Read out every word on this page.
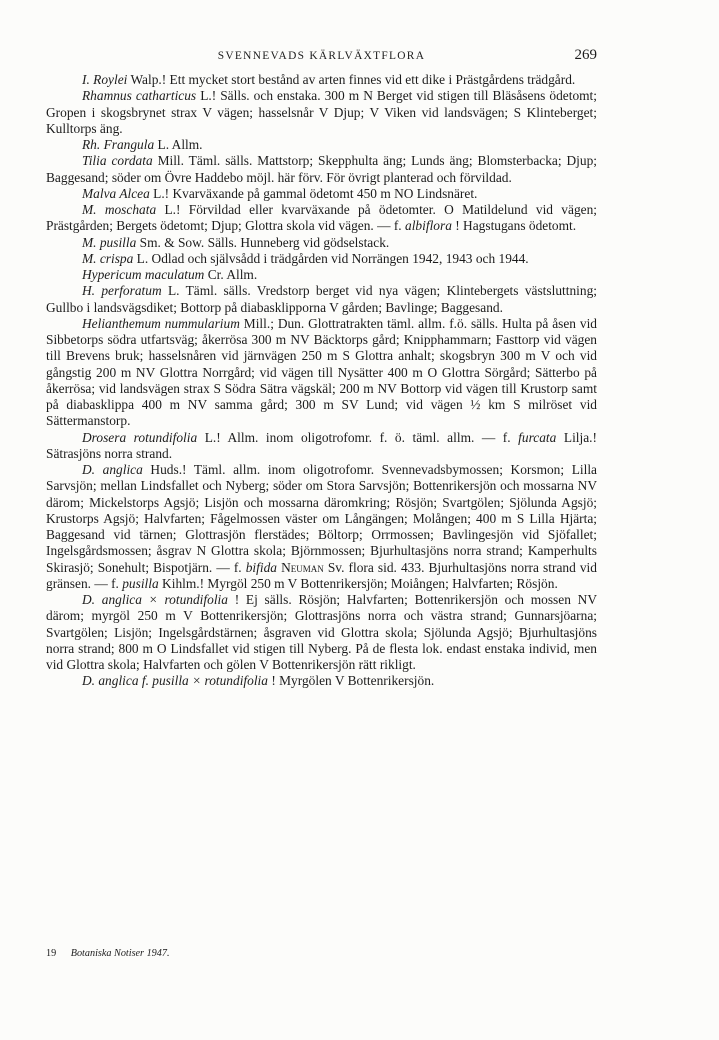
SVENNEVADS KÄRLVÄXTFLORA	269

I. Roylei Walp.! Ett mycket stort bestånd av arten finnes vid ett dike i Prästgårdens trädgård.

Rhamnus catharticus L.! Sälls. och enstaka. 300 m N Berget vid stigen till Bläsåsens ödetomt; Gropen i skogsbrynet strax V vägen; hasselsnår V Djup; V Viken vid landsvägen; S Klinteberget; Kulltorps äng.

Rh. Frangula L. Allm.

Tilia cordata Mill. Täml. sälls. Mattstorp; Skepphulta äng; Lunds äng; Blomsterbacka; Djup; Baggesand; söder om Övre Haddebo möjl. här förv. För övrigt planterad och förvildad.

Malva Alcea L.! Kvarväxande på gammal ödetomt 450 m NO Lindsnäret.

M. moschata L.! Förvildad eller kvarväxande på ödetomter. O Matildelund vid vägen; Prästgården; Bergets ödetomt; Djup; Glottra skola vid vägen. — f. albiflora ! Hagstugans ödetomt.

M. pusilla Sm. & Sow. Sälls. Hunneberg vid gödselstack.

M. crispa L. Odlad och självsådd i trädgården vid Norrängen 1942, 1943 och 1944.

Hypericum maculatum Cr. Allm.

H. perforatum L. Täml. sälls. Vredstorp berget vid nya vägen; Klintebergets västsluttning; Gullbo i landsvägsdiket; Bottorp på diabasklipporna V gården; Bavlinge; Baggesand.

Helianthemum nummularium Mill.; Dun. Glottratrakten täml. allm. f.ö. sälls. Hulta på åsen vid Sibbetorps södra utfartsväg; åkerrösa 300 m NV Bäcktorps gård; Knipphammarn; Fasttorp vid vägen till Brevens bruk; hasselsnåren vid järnvägen 250 m S Glottra anhalt; skogsbryn 300 m V och vid gångstig 200 m NV Glottra Norrgård; vid vägen till Nysätter 400 m O Glottra Sörgård; Sätterbo på åkerrösa; vid landsvägen strax S Södra Sätra vägskäl; 200 m NV Bottorp vid vägen till Krustorp samt på diabasklippa 400 m NV samma gård; 300 m SV Lund; vid vägen ½ km S milröset vid Sättermanstorp.

Drosera rotundifolia L.! Allm. inom oligotrofomr. f. ö. täml. allm. — f. furcata Lilja.! Sätrasjöns norra strand.

D. anglica Huds.! Täml. allm. inom oligotrofomr. Svennevadsbymossen; Korsmon; Lilla Sarvsjön; mellan Lindsfallet och Nyberg; söder om Stora Sarvsjön; Bottenrikersjön och mossarna NV därom; Mickelstorps Agsjö; Lisjön och mossarna däromkring; Rösjön; Svartgölen; Sjölunda Agsjö; Krustorps Agsjö; Halvfarten; Fågelmossen väster om Långängen; Molången; 400 m S Lilla Hjärta; Baggesand vid tärnen; Glottrasjön flerstädes; Böltorp; Orrmossen; Bavlingesjön vid Sjöfallet; Ingelsgårdsmossen; åsgrav N Glottra skola; Björnmossen; Bjurhultasjöns norra strand; Kamperhults Skirasjö; Sonehult; Bispotjärn. — f. bifida Neuman Sv. flora sid. 433. Bjurhultasjöns norra strand vid gränsen. — f. pusilla Kihlm.! Myrgöl 250 m V Bottenrikersjön; Moiången; Halvfarten; Rösjön.

D. anglica × rotundifolia ! Ej sälls. Rösjön; Halvfarten; Bottenrikersjön och mossen NV därom; myrgöl 250 m V Bottenrikersjön; Glottrasjöns norra och västra strand; Gunnarsjöarna; Svartgölen; Lisjön; Ingelsgårdstärnen; åsgraven vid Glottra skola; Sjölunda Agsjö; Bjurhultasjöns norra strand; 800 m O Lindsfallet vid stigen till Nyberg. På de flesta lok. endast enstaka individ, men vid Glottra skola; Halvfarten och gölen V Bottenrikersjön rätt rikligt.

D. anglica f. pusilla × rotundifolia ! Myrgölen V Bottenrikersjön.

19 Botaniska Notiser 1947.
